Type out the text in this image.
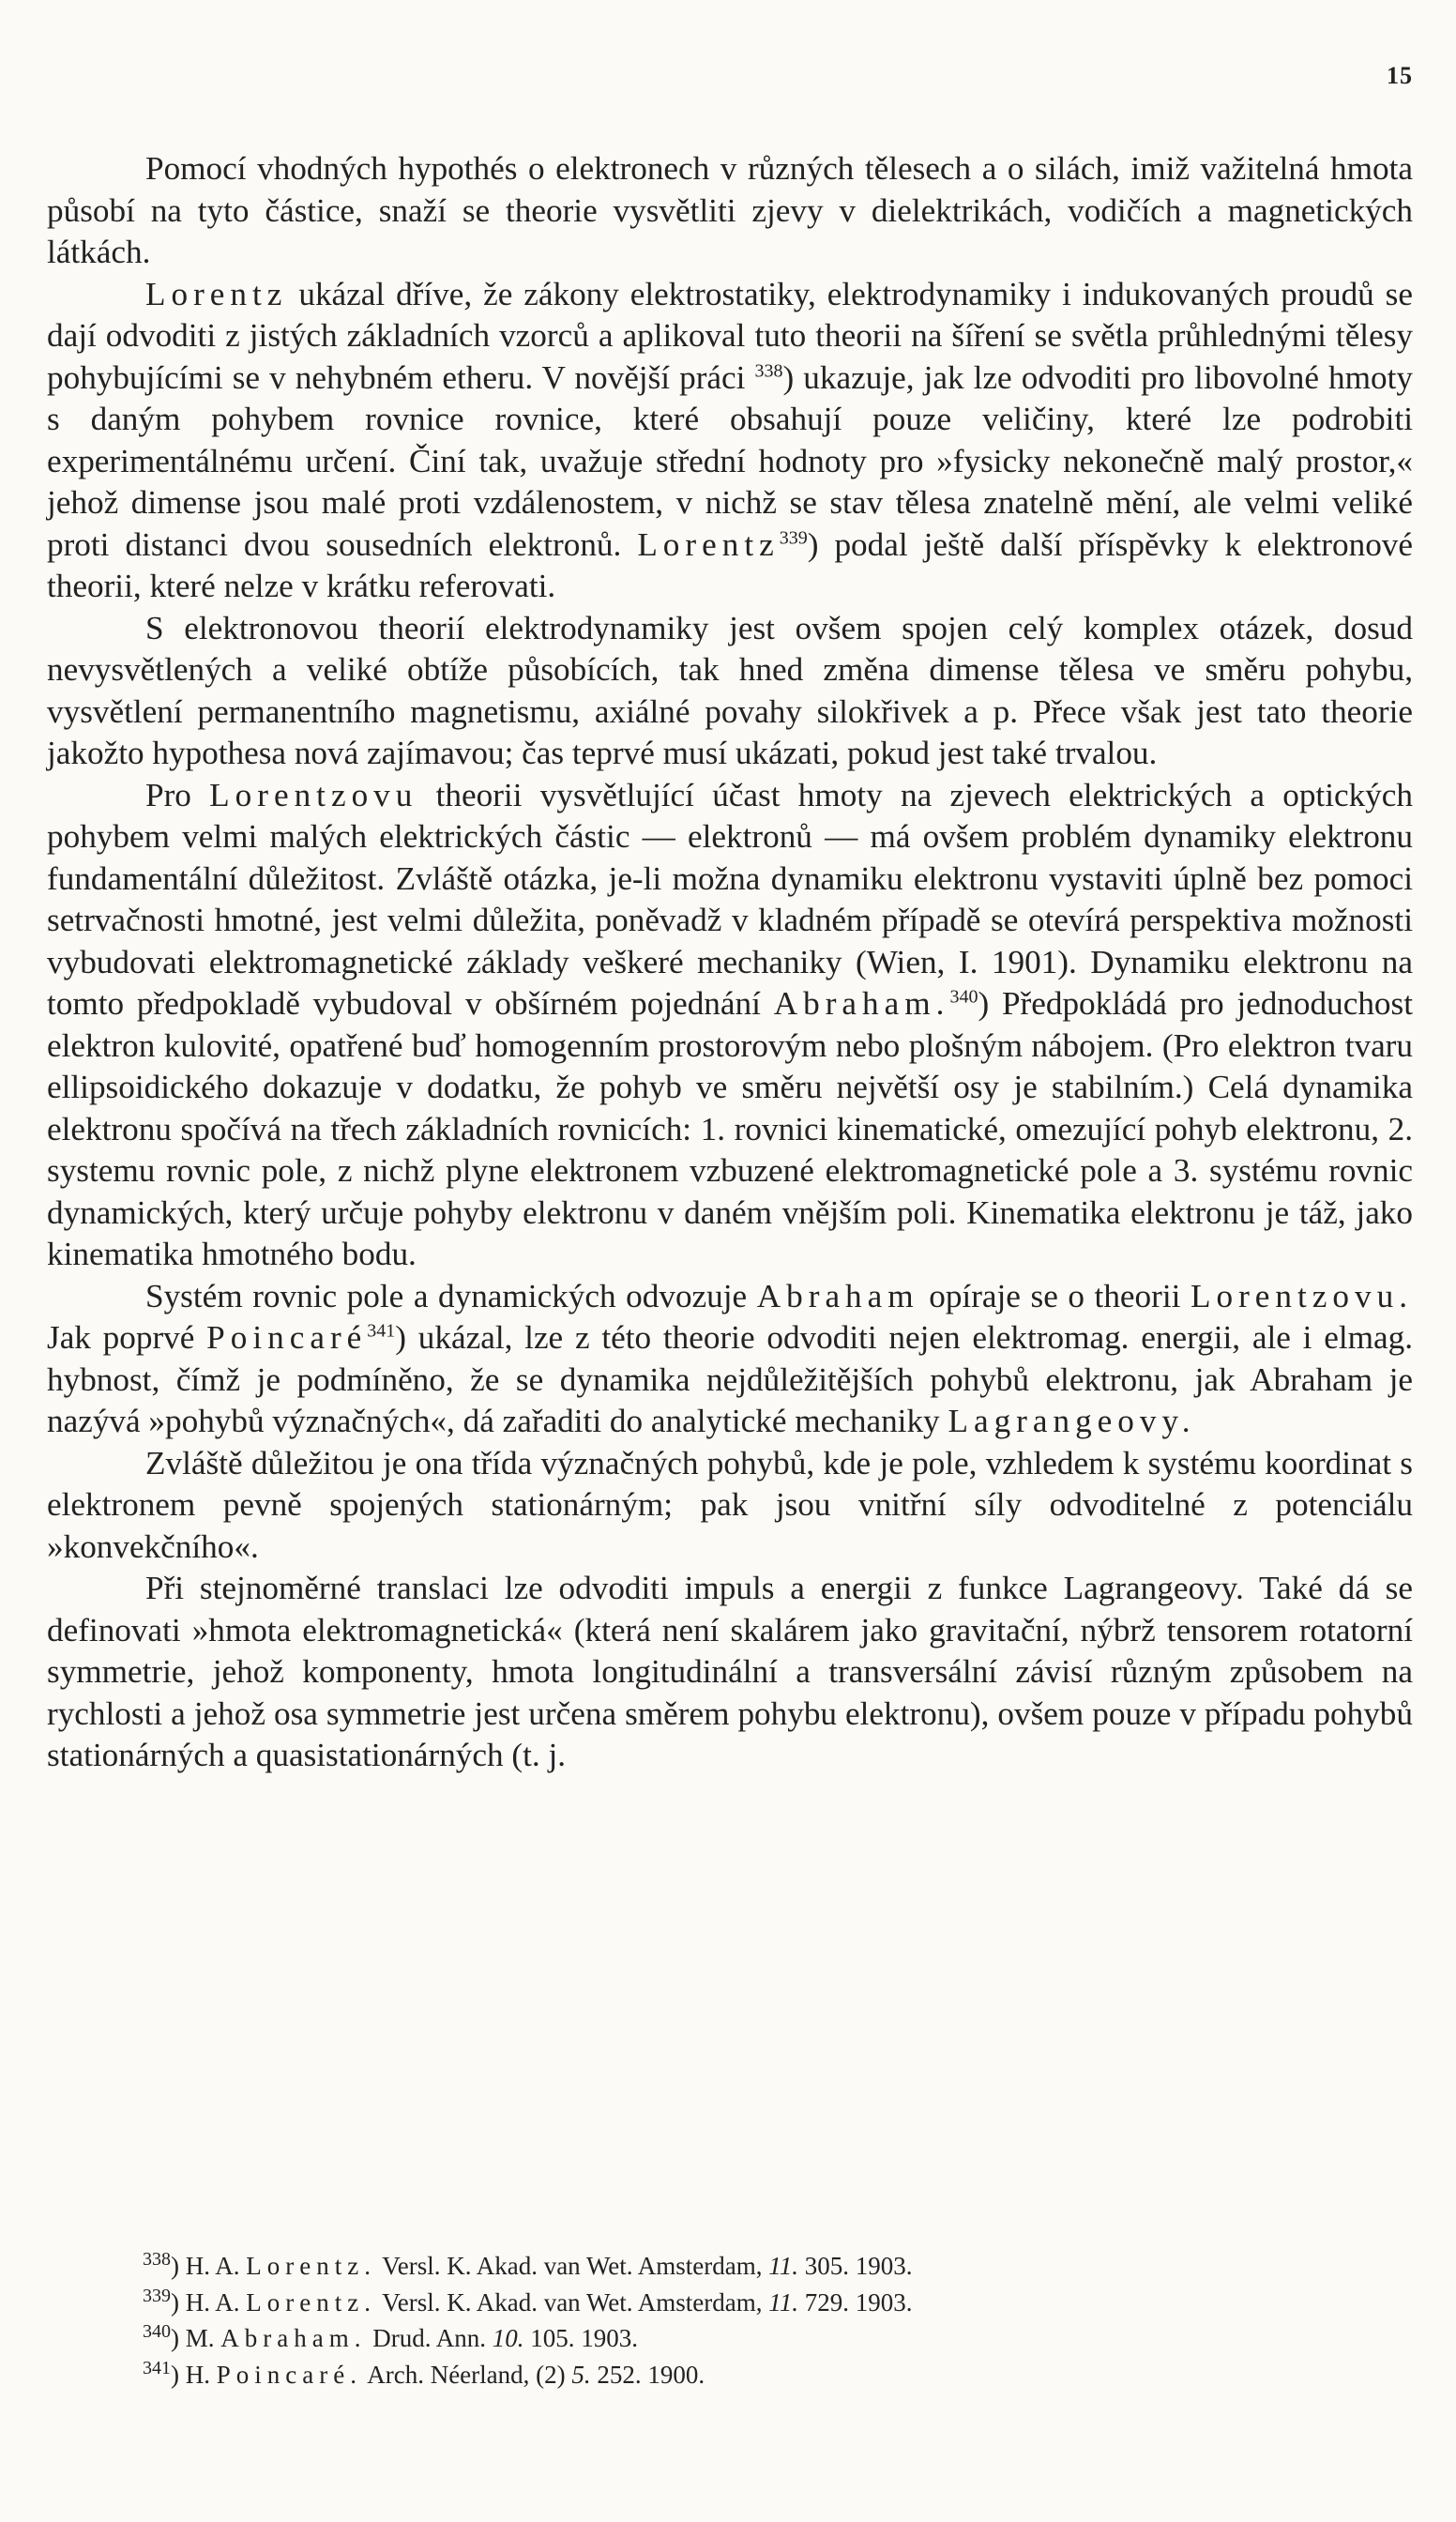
15

Pomocí vhodných hypothés o elektronech v různých tělesech a o silách, imiž važitelná hmota působí na tyto částice, snaží se theorie vysvětliti zjevy v dielektrikách, vodičích a magnetických látkách.

Lorentz ukázal dříve, že zákony elektrostatiky, elektrodynamiky i indukovaných proudů se dají odvoditi z jistých základních vzorců a aplikoval tuto theorii na šíření se světla průhlednými tělesy pohybujícími se v nehybném etheru. V novější práci $^{338}$) ukazuje, jak lze odvoditi pro libovolné hmoty s daným pohybem rovnice rovnice, které obsahují pouze veličiny, které lze podrobiti experimentálnému určení. Činí tak, uvažuje střední hodnoty pro »fysicky nekonečně malý prostor,« jehož dimense jsou malé proti vzdálenostem, v nichž se stav tělesa znatelně mění, ale velmi veliké proti distanci dvou sousedních elektronů. Lorentz$^{339}$) podal ještě další příspěvky k elektronové theorii, které nelze v krátku referovati.

S elektronovou theorií elektrodynamiky jest ovšem spojen celý komplex otázek, dosud nevysvětlených a veliké obtíže působících, tak hned změna dimense tělesa ve směru pohybu, vysvětlení permanentního magnetismu, axiálné povahy silokřivek a p. Přece však jest tato theorie jakožto hypothesa nová zajímavou; čas teprvé musí ukázati, pokud jest také trvalou.

Pro Lorentzovu theorii vysvětlující účast hmoty na zjevech elektrických a optických pohybem velmi malých elektrických částic — elektronů — má ovšem problém dynamiky elektronu fundamentální důležitost. Zvláště otázka, je-li možna dynamiku elektronu vystaviti úplně bez pomoci setrvačnosti hmotné, jest velmi důležita, poněvadž v kladném případě se otevírá perspektiva možnosti vybudovati elektromagnetické základy veškeré mechaniky (Wien, I. 1901). Dynamiku elektronu na tomto předpokladě vybudoval v obšírném pojednání Abraham.$^{340}$) Předpokládá pro jednoduchost elektron kulovité, opatřené buď homogenním prostorovým nebo plošným nábojem. (Pro elektron tvaru ellipsoidického dokazuje v dodatku, že pohyb ve směru největší osy je stabilním.) Celá dynamika elektronu spočívá na třech základních rovnicích: 1. rovnici kinematické, omezující pohyb elektronu, 2. systemu rovnic pole, z nichž plyne elektronem vzbuzené elektromagnetické pole a 3. systému rovnic dynamických, který určuje pohyby elektronu v daném vnějším poli. Kinematika elektronu je táž, jako kinematika hmotného bodu.

Systém rovnic pole a dynamických odvozuje Abraham opíraje se o theorii Lorentzovu. Jak poprvé Poincaré$^{341}$) ukázal, lze z této theorie odvoditi nejen elektromag. energii, ale i elmag. hybnost, čímž je podmíněno, že se dynamika nejdůležitějších pohybů elektronu, jak Abraham je nazývá »pohybů význačných«, dá zařaditi do analytické mechaniky Lagrangeovy.

Zvláště důležitou je ona třída význačných pohybů, kde je pole, vzhledem k systému koordinat s elektronem pevně spojených stationárným; pak jsou vnitřní síly odvoditelné z potenciálu »konvekčního«.

Při stejnoměrné translaci lze odvoditi impuls a energii z funkce Lagrangeovy. Také dá se definovati »hmota elektromagnetická« (která není skalárem jako gravitační, nýbrž tensorem rotatorní symmetrie, jehož komponenty, hmota longitudinální a transversální závisí různým způsobem na rychlosti a jehož osa symmetrie jest určena směrem pohybu elektronu), ovšem pouze v případu pohybů stationárných a quasistationárných (t. j.

$^{338}$) H. A. Lorentz. Versl. K. Akad. van Wet. Amsterdam, 11. 305. 1903.
$^{339}$) H. A. Lorentz. Versl. K. Akad. van Wet. Amsterdam, 11. 729. 1903.
$^{340}$) M. Abraham. Drud. Ann. 10. 105. 1903.
$^{341}$) H. Poincaré. Arch. Néerland, (2) 5. 252. 1900.
